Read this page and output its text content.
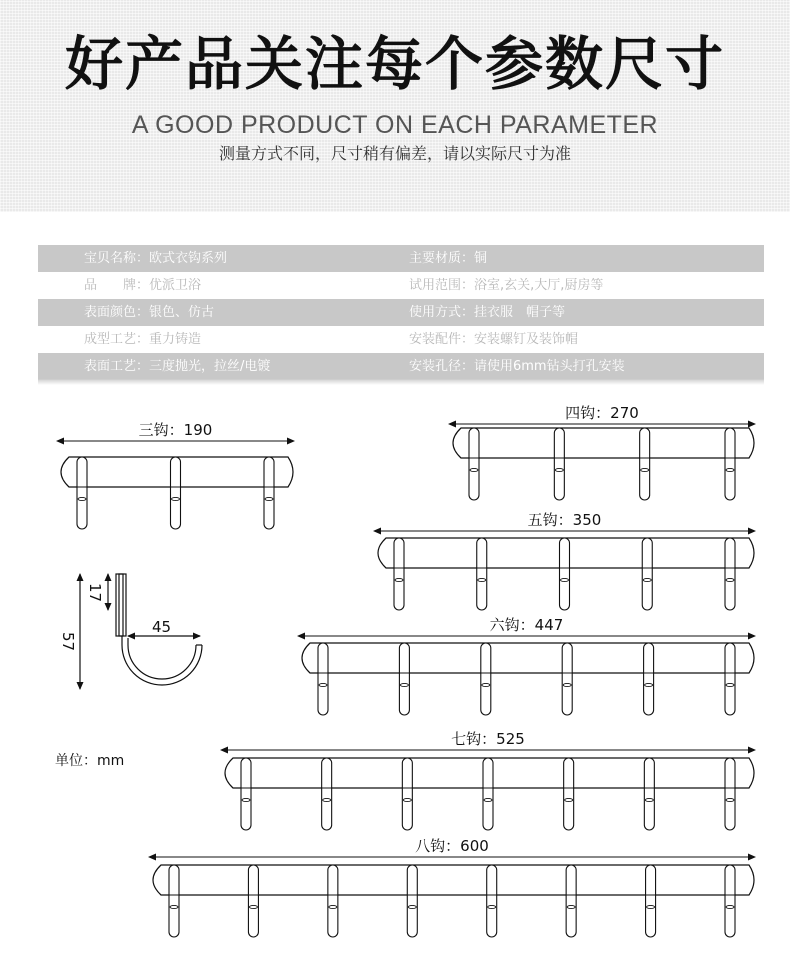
好产品关注每个参数尺寸
A GOOD PRODUCT ON EACH PARAMETER
测量方式不同，尺寸稍有偏差，请以实际尺寸为准
宝贝名称：欧式衣钩系列	主要材质：铜
品　　牌：优派卫浴	试用范围：浴室,玄关,大厅,厨房等
表面颜色：银色、仿古	使用方式：挂衣服　帽子等
成型工艺：重力铸造	安装配件：安装螺钉及装饰帽
表面工艺：三度抛光，拉丝/电镀	安装孔径：请使用6mm钻头打孔安装
57
17
45
单位：mm
三钩：190
四钩：270
五钩：350
六钩：447
七钩：525
八钩：600
